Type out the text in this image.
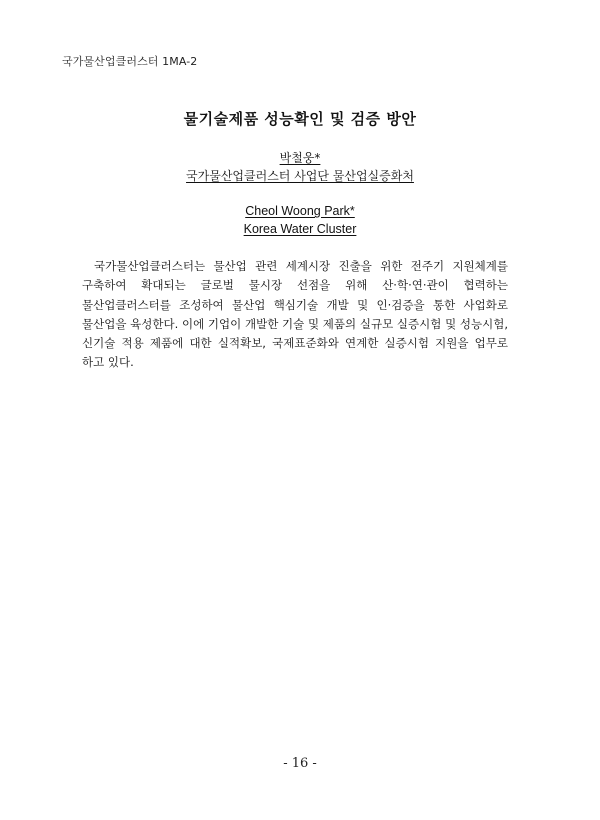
국가물산업클러스터 1MA-2
물기술제품 성능확인 및 검증 방안
박철웅*
국가물산업클러스터 사업단 물산업실증화처
Cheol Woong Park*
Korea Water Cluster

국가물산업클러스터는 물산업 관련 세계시장 진출을 위한 전주기 지원체계를 구축하여 확대되는 글로벌 물시장 선점을 위해 산·학·연·관이 협력하는 물산업클러스터를 조성하여 물산업 핵심기술 개발 및 인·검증을 통한 사업화로 물산업을 육성한다. 이에 기업이 개발한 기술 및 제품의 실규모 실증시험 및 성능시험, 신기술 적용 제품에 대한 실적확보, 국제표준화와 연계한 실증시험 지원을 업무로 하고 있다.

- 16 -
